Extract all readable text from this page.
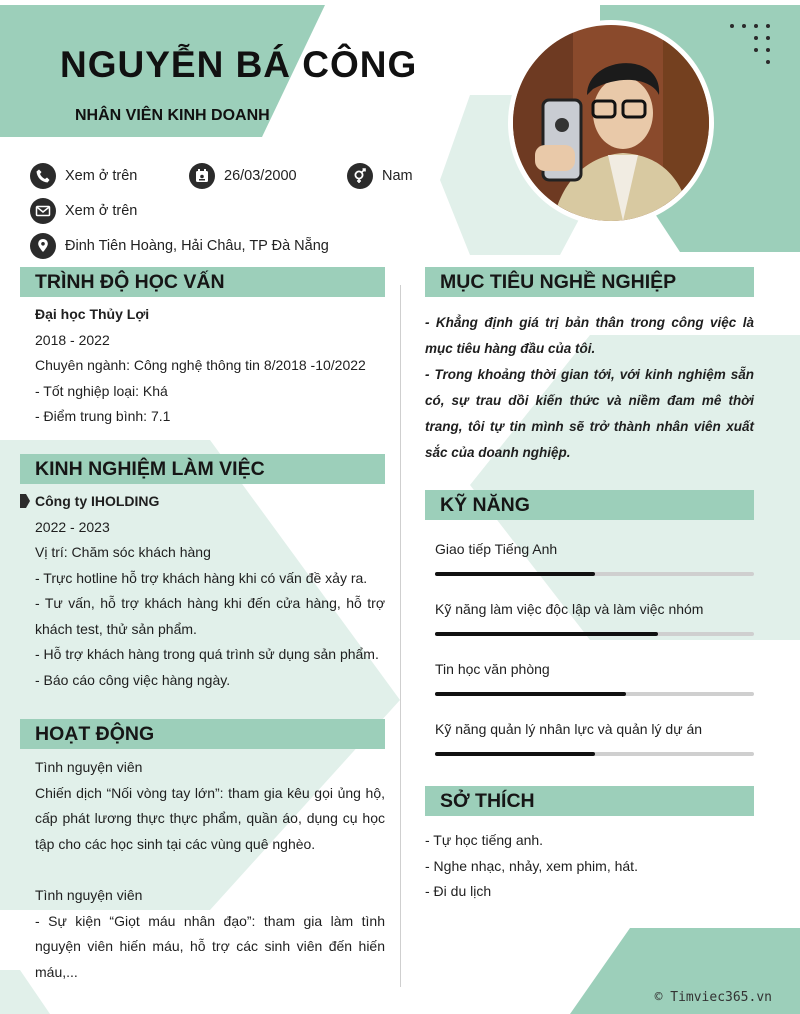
NGUYỄN BÁ CÔNG
NHÂN VIÊN KINH DOANH
Xem ở trên	26/03/2000	Nam
Xem ở trên
Đinh Tiên Hoàng, Hải Châu, TP Đà Nẵng
TRÌNH ĐỘ HỌC VẤN
Đại học Thủy Lợi
2018 - 2022
Chuyên ngành: Công nghệ thông tin 8/2018 -10/2022
- Tốt nghiệp loại: Khá
- Điểm trung bình: 7.1
KINH NGHIỆM LÀM VIỆC
Công ty IHOLDING
2022 - 2023
Vị trí: Chăm sóc khách hàng
- Trực hotline hỗ trợ khách hàng khi có vấn đề xảy ra.
- Tư vấn, hỗ trợ khách hàng khi đến cửa hàng, hỗ trợ khách test, thử sản phẩm.
- Hỗ trợ khách hàng trong quá trình sử dụng sản phẩm.
- Báo cáo công việc hàng ngày.
HOẠT ĐỘNG
Tình nguyện viên
Chiến dịch “Nối vòng tay lớn”: tham gia kêu gọi ủng hộ, cấp phát lương thực thực phẩm, quần áo, dụng cụ học tập cho các học sinh tại các vùng quê nghèo.
Tình nguyện viên
- Sự kiện “Giọt máu nhân đạo”: tham gia làm tình nguyện viên hiến máu, hỗ trợ các sinh viên đến hiến máu,...
MỤC TIÊU NGHỀ NGHIỆP
- Khẳng định giá trị bản thân trong công việc là mục tiêu hàng đầu của tôi.
- Trong khoảng thời gian tới, với kinh nghiệm sẵn có, sự trau dồi kiến thức và niềm đam mê thời trang, tôi tự tin mình sẽ trở thành nhân viên xuất sắc của doanh nghiệp.
KỸ NĂNG
Giao tiếp Tiếng Anh
Kỹ năng làm việc độc lập và làm việc nhóm
Tin học văn phòng
Kỹ năng quản lý nhân lực và quản lý dự án
SỞ THÍCH
- Tự học tiếng anh.
- Nghe nhạc, nhảy, xem phim, hát.
- Đi du lịch
© Timviec365.vn
